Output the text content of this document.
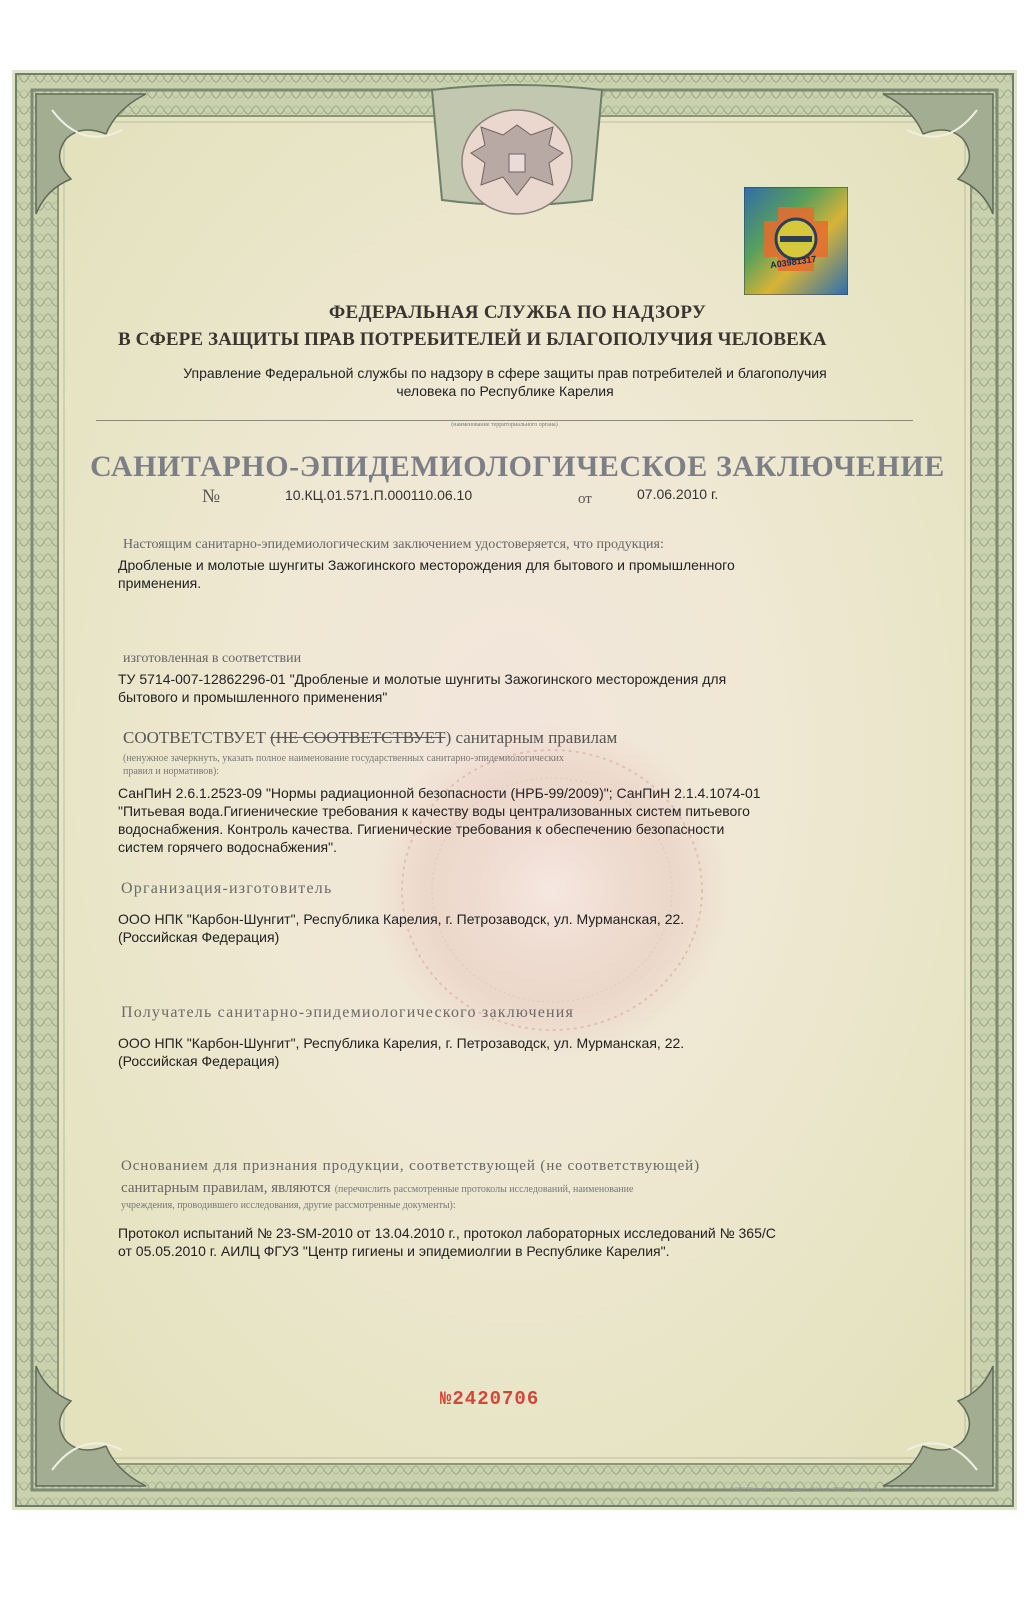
A03981317
ФЕДЕРАЛЬНАЯ СЛУЖБА ПО НАДЗОРУ
В СФЕРЕ ЗАЩИТЫ ПРАВ ПОТРЕБИТЕЛЕЙ И БЛАГОПОЛУЧИЯ ЧЕЛОВЕКА
Управление Федеральной службы по надзору в сфере защиты прав потребителей и благополучия
человека по Республике Карелия
(наименование территориального органа)
САНИТАРНО-ЭПИДЕМИОЛОГИЧЕСКОЕ ЗАКЛЮЧЕНИЕ
№	10.КЦ.01.571.П.000110.06.10	от	07.06.2010 г.
Настоящим санитарно-эпидемиологическим заключением удостоверяется, что продукция:
Дробленые и молотые шунгиты Зажогинского месторождения для бытового и промышленного
применения.
изготовленная в соответствии
ТУ 5714-007-12862296-01 "Дробленые и молотые шунгиты Зажогинского месторождения для
бытового и промышленного применения"
СООТВЕТСТВУЕТ (НЕ СООТВЕТСТВУЕТ) санитарным правилам
(ненужное зачеркнуть, указать полное наименование государственных санитарно-эпидемиологических
правил и нормативов):
СанПиН 2.6.1.2523-09 "Нормы радиационной безопасности (НРБ-99/2009)"; СанПиН 2.1.4.1074-01
"Питьевая вода.Гигиенические требования к качеству воды централизованных систем питьевого
водоснабжения. Контроль качества. Гигиенические требования к обеспечению безопасности
систем горячего водоснабжения".
Организация-изготовитель
ООО НПК "Карбон-Шунгит", Республика Карелия, г. Петрозаводск, ул. Мурманская, 22.
(Российская Федерация)
Получатель санитарно-эпидемиологического заключения
ООО НПК "Карбон-Шунгит", Республика Карелия, г. Петрозаводск, ул. Мурманская, 22.
(Российская Федерация)
Основанием для признания продукции, соответствующей (не соответствующей)
санитарным правилам, являются (перечислить рассмотренные протоколы исследований, наименование
учреждения, проводившего исследования, другие рассмотренные документы):
Протокол испытаний № 23-SM-2010 от 13.04.2010 г., протокол лабораторных исследований № 365/С
от 05.05.2010 г. АИЛЦ ФГУЗ "Центр гигиены и эпидемиолгии в Республике Карелия".
№2420706
© ЗАО «Первый печатный двор», г. Москва, 2009 г., уровень «В»
